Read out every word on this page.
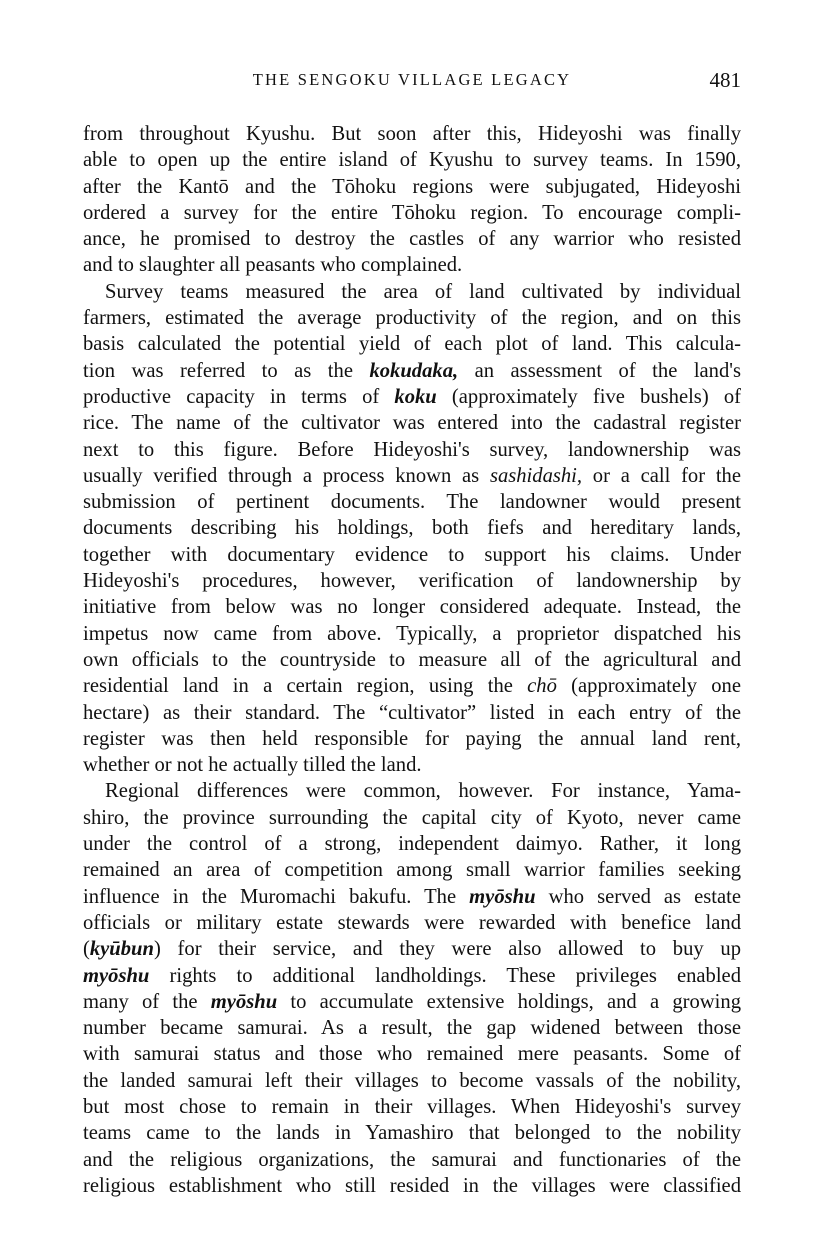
THE SENGOKU VILLAGE LEGACY	481
from throughout Kyushu. But soon after this, Hideyoshi was finally
able to open up the entire island of Kyushu to survey teams. In 1590,
after the Kantō and the Tōhoku regions were subjugated, Hideyoshi
ordered a survey for the entire Tōhoku region. To encourage compli-
ance, he promised to destroy the castles of any warrior who resisted
and to slaughter all peasants who complained.
Survey teams measured the area of land cultivated by individual
farmers, estimated the average productivity of the region, and on this
basis calculated the potential yield of each plot of land. This calcula-
tion was referred to as the kokudaka, an assessment of the land's
productive capacity in terms of koku (approximately five bushels) of
rice. The name of the cultivator was entered into the cadastral register
next to this figure. Before Hideyoshi's survey, landownership was
usually verified through a process known as sashidashi, or a call for the
submission of pertinent documents. The landowner would present
documents describing his holdings, both fiefs and hereditary lands,
together with documentary evidence to support his claims. Under
Hideyoshi's procedures, however, verification of landownership by
initiative from below was no longer considered adequate. Instead, the
impetus now came from above. Typically, a proprietor dispatched his
own officials to the countryside to measure all of the agricultural and
residential land in a certain region, using the chō (approximately one
hectare) as their standard. The “cultivator” listed in each entry of the
register was then held responsible for paying the annual land rent,
whether or not he actually tilled the land.
Regional differences were common, however. For instance, Yama-
shiro, the province surrounding the capital city of Kyoto, never came
under the control of a strong, independent daimyo. Rather, it long
remained an area of competition among small warrior families seeking
influence in the Muromachi bakufu. The myōshu who served as estate
officials or military estate stewards were rewarded with benefice land
(kyūbun) for their service, and they were also allowed to buy up
myōshu rights to additional landholdings. These privileges enabled
many of the myōshu to accumulate extensive holdings, and a growing
number became samurai. As a result, the gap widened between those
with samurai status and those who remained mere peasants. Some of
the landed samurai left their villages to become vassals of the nobility,
but most chose to remain in their villages. When Hideyoshi's survey
teams came to the lands in Yamashiro that belonged to the nobility
and the religious organizations, the samurai and functionaries of the
religious establishment who still resided in the villages were classified
